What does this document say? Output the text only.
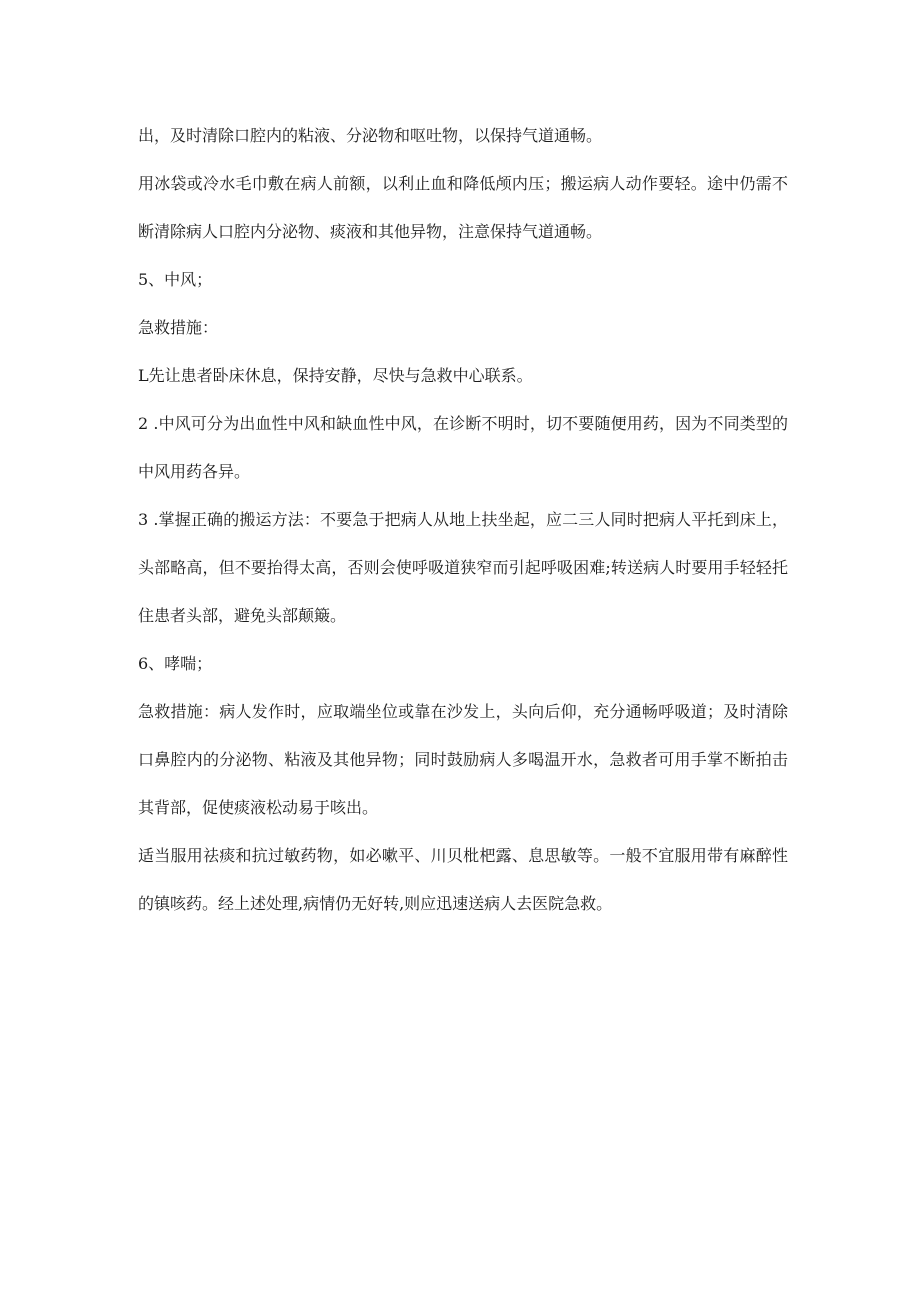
出，及时清除口腔内的粘液、分泌物和呕吐物，以保持气道通畅。

用冰袋或冷水毛巾敷在病人前额，以利止血和降低颅内压；搬运病人动作要轻。途中仍需不断清除病人口腔内分泌物、痰液和其他异物，注意保持气道通畅。

5、中风；

急救措施：

L先让患者卧床休息，保持安静，尽快与急救中心联系。

2 .中风可分为出血性中风和缺血性中风，在诊断不明时，切不要随便用药，因为不同类型的中风用药各异。

3 .掌握正确的搬运方法：不要急于把病人从地上扶坐起，应二三人同时把病人平托到床上，头部略高，但不要抬得太高，否则会使呼吸道狭窄而引起呼吸困难;转送病人时要用手轻轻托住患者头部，避免头部颠簸。

6、哮喘；

急救措施：病人发作时，应取端坐位或靠在沙发上，头向后仰，充分通畅呼吸道；及时清除口鼻腔内的分泌物、粘液及其他异物；同时鼓励病人多喝温开水，急救者可用手掌不断拍击其背部，促使痰液松动易于咳出。

适当服用祛痰和抗过敏药物，如必嗽平、川贝枇杷露、息思敏等。一般不宜服用带有麻醉性的镇咳药。经上述处理,病情仍无好转,则应迅速送病人去医院急救。
